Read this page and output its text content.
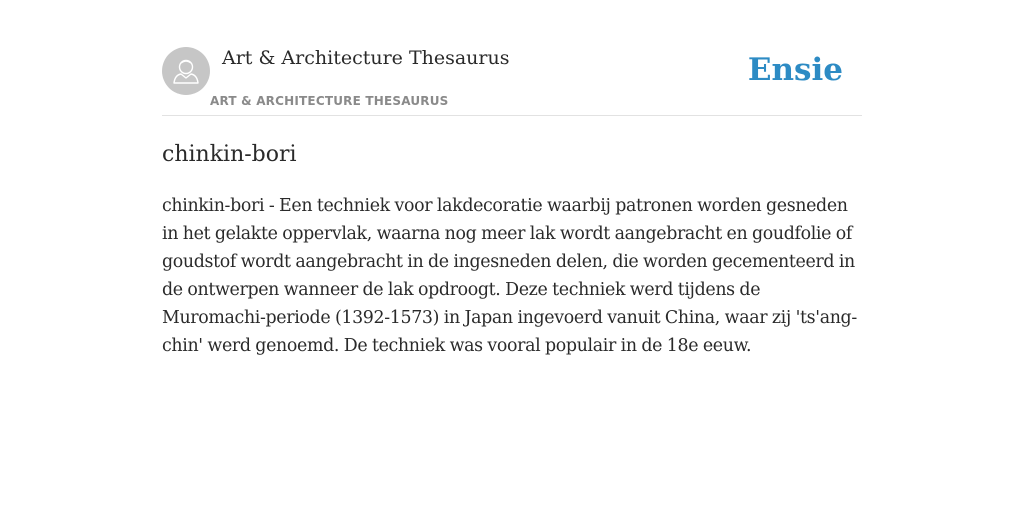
Art & Architecture Thesaurus
ART & ARCHITECTURE THESAURUS
Ensie
chinkin-bori

chinkin-bori - Een techniek voor lakdecoratie waarbij patronen worden gesneden in het gelakte oppervlak, waarna nog meer lak wordt aangebracht en goudfolie of goudstof wordt aangebracht in de ingesneden delen, die worden gecementeerd in de ontwerpen wanneer de lak opdroogt. Deze techniek werd tijdens de Muromachi-periode (1392-1573) in Japan ingevoerd vanuit China, waar zij 'ts'ang-chin' werd genoemd. De techniek was vooral populair in de 18e eeuw.
